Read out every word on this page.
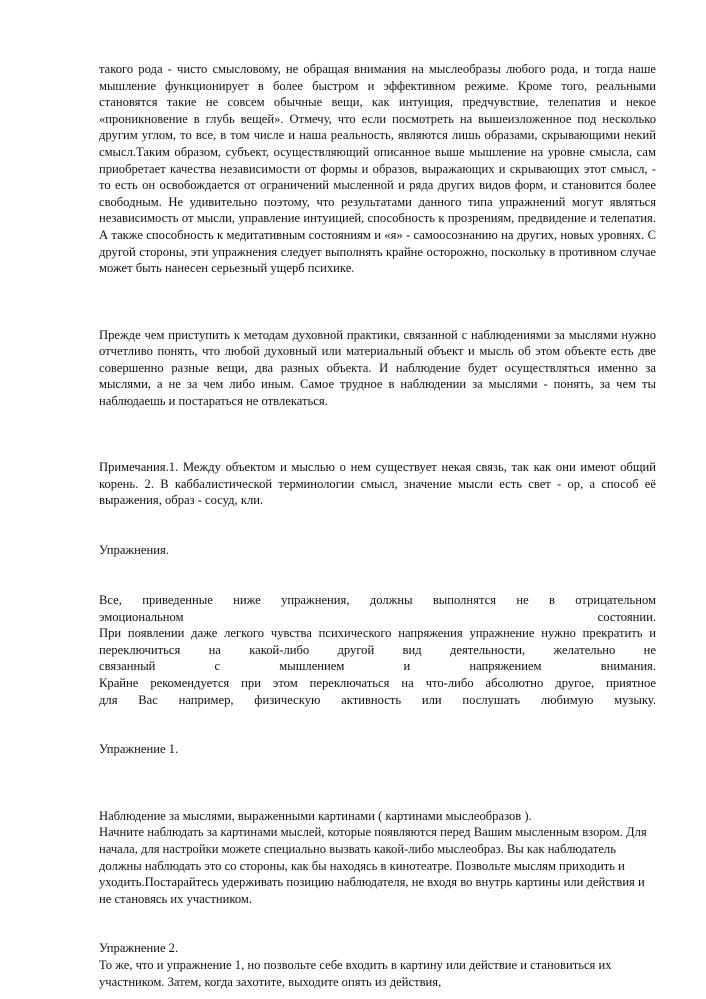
такого рода - чисто смысловому, не обращая внимания на мыслеобразы любого рода, и тогда наше мышление функционирует в более быстром и эффективном режиме. Кроме того, реальными становятся такие не совсем обычные вещи, как интуиция, предчувствие, телепатия и некое «проникновение в глубь вещей». Отмечу, что если посмотреть на вышеизложенное под несколько другим углом, то все, в том числе и наша реальность, являются лишь образами, скрывающими некий смысл.Таким образом, субъект, осуществляющий описанное выше мышление на уровне смысла, сам приобретает качества независимости от формы и образов, выражающих и скрывающих этот смысл, - то есть он освобождается от ограничений мысленной и ряда других видов форм, и становится более свободным. Не удивительно поэтому, что результатами данного типа упражнений могут являться независимость от мысли, управление интуицией, способность к прозрениям, предвидение и телепатия. А также способность к медитативным состояниям и «я» - самоосознанию на других, новых уровнях. С другой стороны, эти упражнения следует выполнять крайне осторожно, поскольку в противном случае может быть нанесен серьезный ущерб психике.

Прежде чем приступить к методам духовной практики, связанной с наблюдениями за мыслями нужно отчетливо понять, что любой духовный или материальный объект и мысль об этом объекте есть две совершенно разные вещи, два разных объекта. И наблюдение будет осуществляться именно за мыслями, а не за чем либо иным. Самое трудное в наблюдении за мыслями - понять, за чем ты наблюдаешь и постараться не отвлекаться.

Примечания.1. Между объектом и мыслью о нем существует некая связь, так как они имеют общий корень. 2. В каббалистической терминологии смысл, значение мысли есть свет - ор, а способ её выражения, образ - сосуд, кли.

Упражнения.

Все, приведенные ниже упражнения, должны выполнятся не в отрицательном
эмоциональном состоянии.
При появлении даже легкого чувства психического напряжения упражнение нужно прекратить и переключиться на какой-либо другой вид деятельности, желательно не
связанный с мышлением и напряжением внимания.
Крайне рекомендуется при этом переключаться на что-либо абсолютно другое, приятное
для Вас например, физическую активность или послушать любимую музыку.

Упражнение 1.

Наблюдение за мыслями, выраженными картинами ( картинами мыслеобразов ).

Начните наблюдать за картинами мыслей, которые появляются перед Вашим мысленным взором. Для начала, для настройки можете специально вызвать какой-либо мыслеобраз. Вы как наблюдатель должны наблюдать это со стороны, как бы находясь в кинотеатре. Позвольте мыслям приходить и уходить.Постарайтесь удерживать позицию наблюдателя, не входя во внутрь картины или действия и не становясь их участником.

Упражнение 2.

То же, что и упражнение 1, но позвольте себе входить в картину или действие и становиться их участником. Затем, когда захотите, выходите опять из действия,
